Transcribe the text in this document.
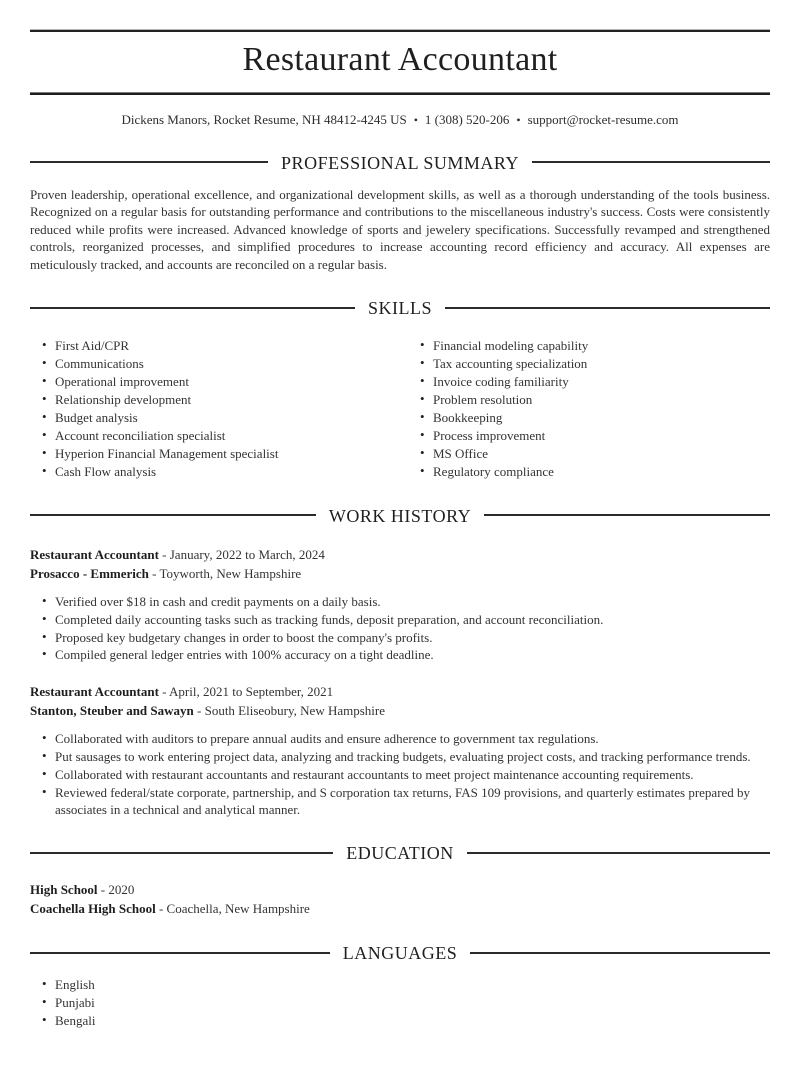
Restaurant Accountant
Dickens Manors, Rocket Resume, NH 48412-4245 US • 1 (308) 520-206 • support@rocket-resume.com
PROFESSIONAL SUMMARY

Proven leadership, operational excellence, and organizational development skills, as well as a thorough understanding of the tools business. Recognized on a regular basis for outstanding performance and contributions to the miscellaneous industry's success. Costs were consistently reduced while profits were increased. Advanced knowledge of sports and jewelery specifications. Successfully revamped and strengthened controls, reorganized processes, and simplified procedures to increase accounting record efficiency and accuracy. All expenses are meticulously tracked, and accounts are reconciled on a regular basis.

SKILLS
• First Aid/CPR
• Communications
• Operational improvement
• Relationship development
• Budget analysis
• Account reconciliation specialist
• Hyperion Financial Management specialist
• Cash Flow analysis
• Financial modeling capability
• Tax accounting specialization
• Invoice coding familiarity
• Problem resolution
• Bookkeeping
• Process improvement
• MS Office
• Regulatory compliance
WORK HISTORY
Restaurant Accountant - January, 2022 to March, 2024
Prosacco - Emmerich - Toyworth, New Hampshire
• Verified over $18 in cash and credit payments on a daily basis.
• Completed daily accounting tasks such as tracking funds, deposit preparation, and account reconciliation.
• Proposed key budgetary changes in order to boost the company's profits.
• Compiled general ledger entries with 100% accuracy on a tight deadline.
Restaurant Accountant - April, 2021 to September, 2021
Stanton, Steuber and Sawayn - South Eliseobury, New Hampshire
• Collaborated with auditors to prepare annual audits and ensure adherence to government tax regulations.
• Put sausages to work entering project data, analyzing and tracking budgets, evaluating project costs, and tracking performance trends.
• Collaborated with restaurant accountants and restaurant accountants to meet project maintenance accounting requirements.
• Reviewed federal/state corporate, partnership, and S corporation tax returns, FAS 109 provisions, and quarterly estimates prepared by associates in a technical and analytical manner.
EDUCATION
High School - 2020
Coachella High School - Coachella, New Hampshire
LANGUAGES
• English
• Punjabi
• Bengali
